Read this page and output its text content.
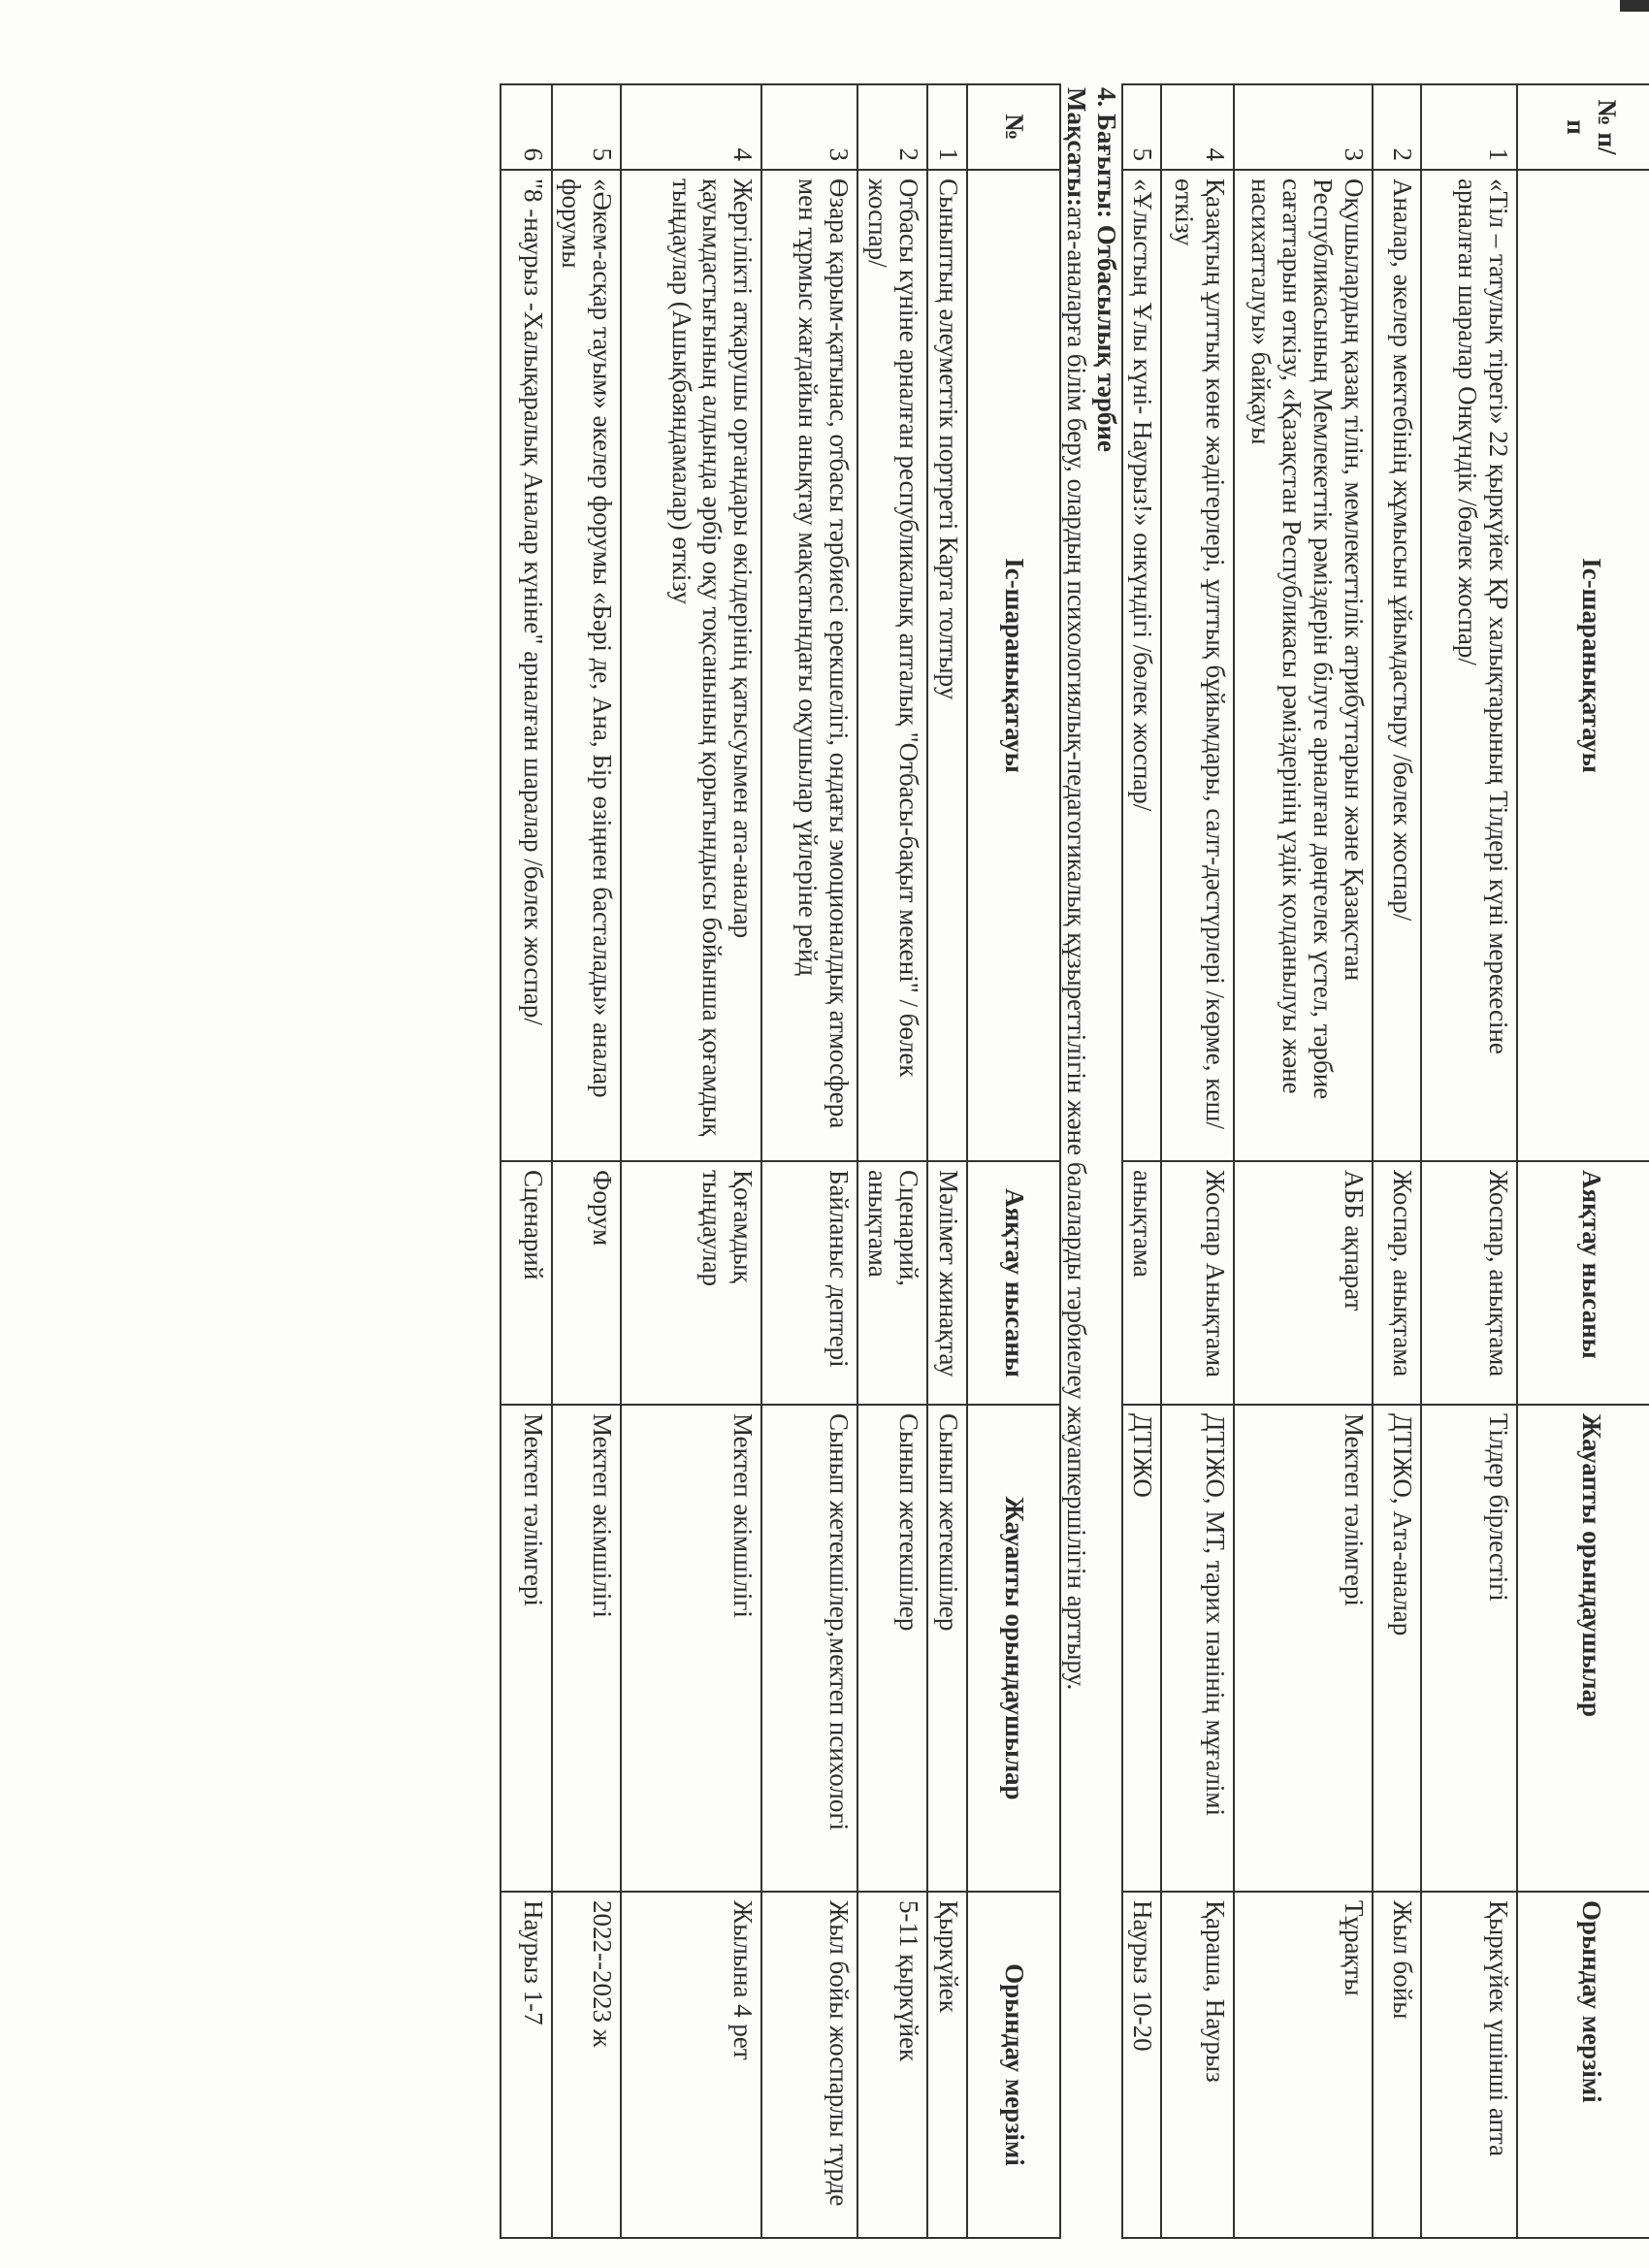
№ п/п	Іс-шаранықатауы	Аяқтау нысаны	Жауапты орындаушылар	Орындау мерзімі
1	«Тіл – татулық тірегі» 22 қыркүйек ҚР халықтарының Тілдері күні мерекесіне арналған шаралар Онкүндік /бөлек жоспар/	Жоспар, анықтама	Тілдер бірлестігі	Қыркүйек үшінші апта
2	Аналар, әкелер мектебінің жұмысын ұйымдастыру /бөлек жоспар/	Жоспар, анықтама	ДТІЖО, Ата-аналар	Жыл бойы
3	Оқушылардың қазақ тілін, мемлекеттілік атрибуттарын және Қазақстан Республикасының Мемлекеттік рәміздерін білуге арналған дөңгелек үстел, тәрбие сағаттарын өткізу, «Қазақстан Республикасы рәміздерінің үздік қолданылуы және насихатталуы» байқауы	АББ ақпарат	Мектеп тәлімгері	Тұрақты
4	Қазақтың ұлттық көне жәдігерлері, ұлттық бұйымдары, салт-дәстүрлері /көрме, кеш/ өткізу	Жоспар Анықтама	ДТІЖО, МТ, тарих пәнінің мұғалімі	Қараша, Наурыз
5	«Ұлыстың Ұлы күні- Наурыз!» онкүндігі /бөлек жоспар/	анықтама	ДТІЖО	Наурыз 10-20
4. Бағыты: Отбасылық тәрбие
Мақсаты:ата-аналарға білім беру, олардың психологиялық-педагогикалық құзыреттілігін және балаларды тәрбиелеу жауапкершілігін арттыру.
№	Іс-шаранықатауы	Аяқтау нысаны	Жауапты орындаушылар	Орындау мерзімі
1	Сыныптың әлеуметтік портреті Карта толтыру	Мәлімет жинақтау	Сынып жетекшілер	Қыркүйек
2	Отбасы күніне арналған республикалық апталық "Отбасы-бақыт мекені" / бөлек жоспар/	Сценарий, анықтама	Сынып жетекшілер	5-11 қыркүйек
3	Өзара қарым-қатынас, отбасы тәрбиесі ерекшелігі, ондағы эмоционалдық атмосфера мен тұрмыс жағдайын анықтау мақсатындағы оқушылар үйлеріне рейд	Байланыс дептері	Сынып жетекшілер,мектеп психологі	Жыл бойы жоспарлы түрде
4	Жергілікті атқарушы органдары өкілдерінің қатысуымен ата-аналар қауымдастығының алдында әрбір оқу тоқсанының қорытындысы бойынша қоғамдық тыңдаулар (Ашықбаяндамалар) өткізу	Қоғамдық тыңдаулар	Мектеп әкімшілігі	Жылына 4 рет
5	«Әкем-асқар тауым» әкелер форумы «Бәрі де, Ана, Бір өзіңнен басталады» аналар форумы	Форум	Мектеп әкімшілігі	2022--2023 ж
6	"8 -наурыз -Халықаралық Аналар күніне" арналған шаралар /бөлек жоспар/	Сценарий	Мектеп тәлімгері	Наурыз 1-7
